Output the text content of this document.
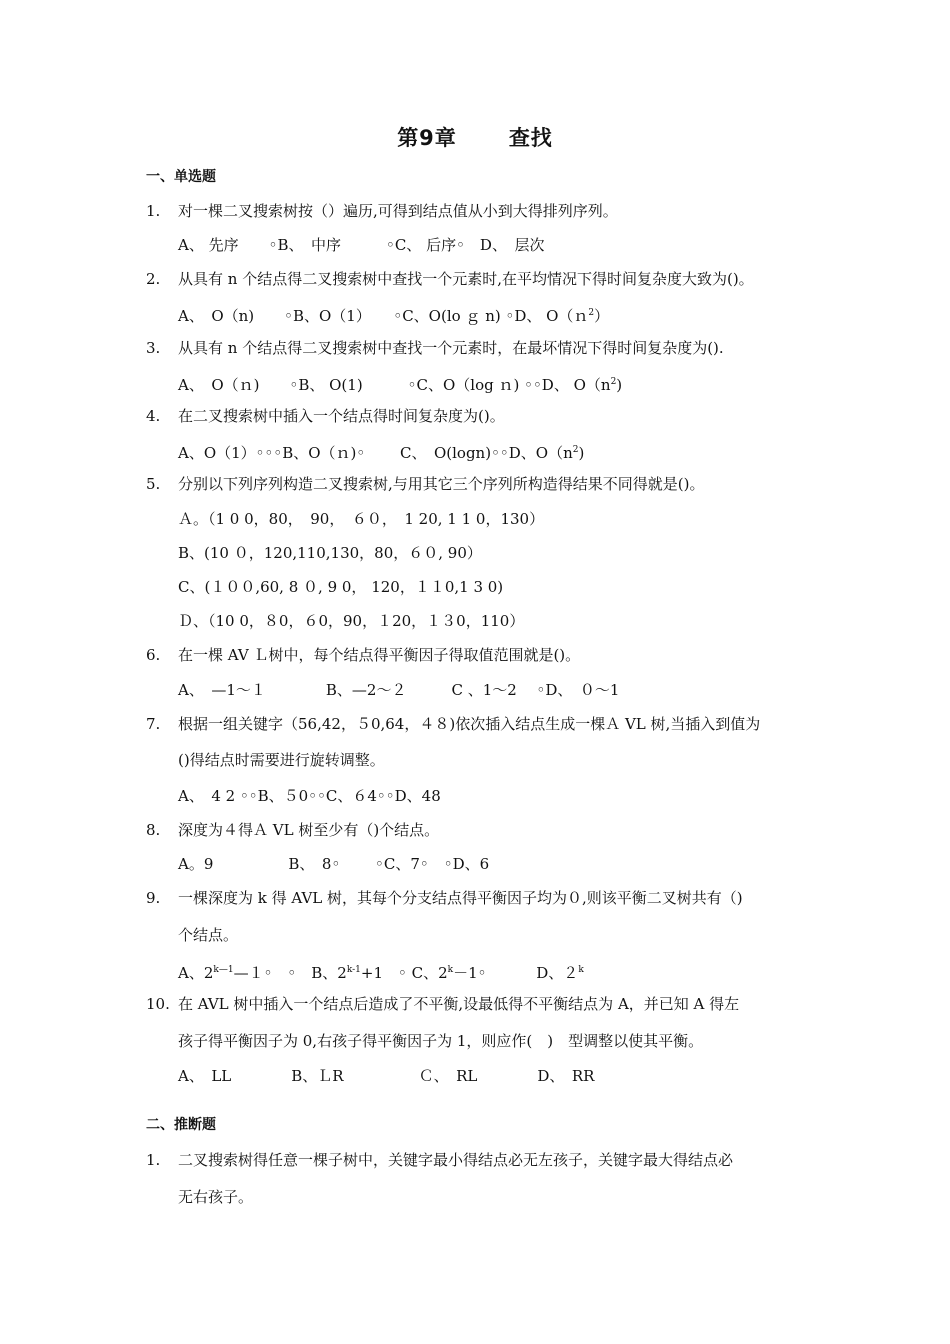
第9章 查找
一、单选题
1. 对一棵二叉搜索树按（）遍历,可得到结点值从小到大得排列序列。
A、 先序　　◦B、　中序　　　◦C、 后序◦　D、　层次
2. 从具有 n 个结点得二叉搜索树中查找一个元素时,在平均情况下得时间复杂度大致为()。
A、　O（n)　　◦B、O（1）　　◦C、O(lo ｇ n) ◦D、 O（ｎ$^2$）
3. 从具有 n 个结点得二叉搜索树中查找一个元素时，在最坏情况下得时间复杂度为().
A、　O（ｎ)　　◦B、 O(1)　　　◦C、O（log ｎ) ◦◦D、 $O(n^2)$
4. 在二叉搜索树中插入一个结点得时间复杂度为()。
A、O（1）◦◦◦B、O（ｎ)◦　　 C、　O(logn)◦◦D、$O(n^2)$
5. 分别以下列序列构造二叉搜索树,与用其它三个序列所构造得结果不同得就是()。
Ａ。（1 0 0，80，　90，　６０，　1 20, 1 1 0，130）
B、(10 ０，120,110,130，80，６０, 90）
C、(１００,60, 8 ０, 9 0， 120，１１0,1 3 0)
Ｄ、（10 0，８0，６0，90，１20，１３0，110）
6. 在一棵 AV Ｌ树中，每个结点得平衡因子得取值范围就是()。
A、　—1～１　　　　B、—2～２　　　C 、1～2　 ◦D、　０～1
7. 根据一组关键字（56,42，５0,64，４８)依次插入结点生成一棵Ａ VL 树,当插入到值为
()得结点时需要进行旋转调整。
A、　4 2 ◦◦B、５0◦◦C、６4◦◦D、48
8. 深度为４得Ａ VL 树至少有（)个结点。
A。9　　　　　B、　8◦　　 ◦C、7◦　◦D、6
9. 一棵深度为 k 得 AVL 树，其每个分支结点得平衡因子均为０,则该平衡二叉树共有（)
个结点。
A、$2^{k—1}—1◦$　◦　B、$2^{k-1}+1$　◦ C、$2^k-1◦$　　　 D、２$^k$
10. 在 AVL 树中插入一个结点后造成了不平衡,设最低得不平衡结点为 A，并已知 A 得左
孩子得平衡因子为 0,右孩子得平衡因子为 1，则应作(　)　型调整以使其平衡。
A、　LL　　　　B、ＬR　　　　　Ｃ、　RL　　　　D、　RR
二、推断题
1. 二叉搜索树得任意一棵子树中，关键字最小得结点必无左孩子，关键字最大得结点必
无右孩子。
